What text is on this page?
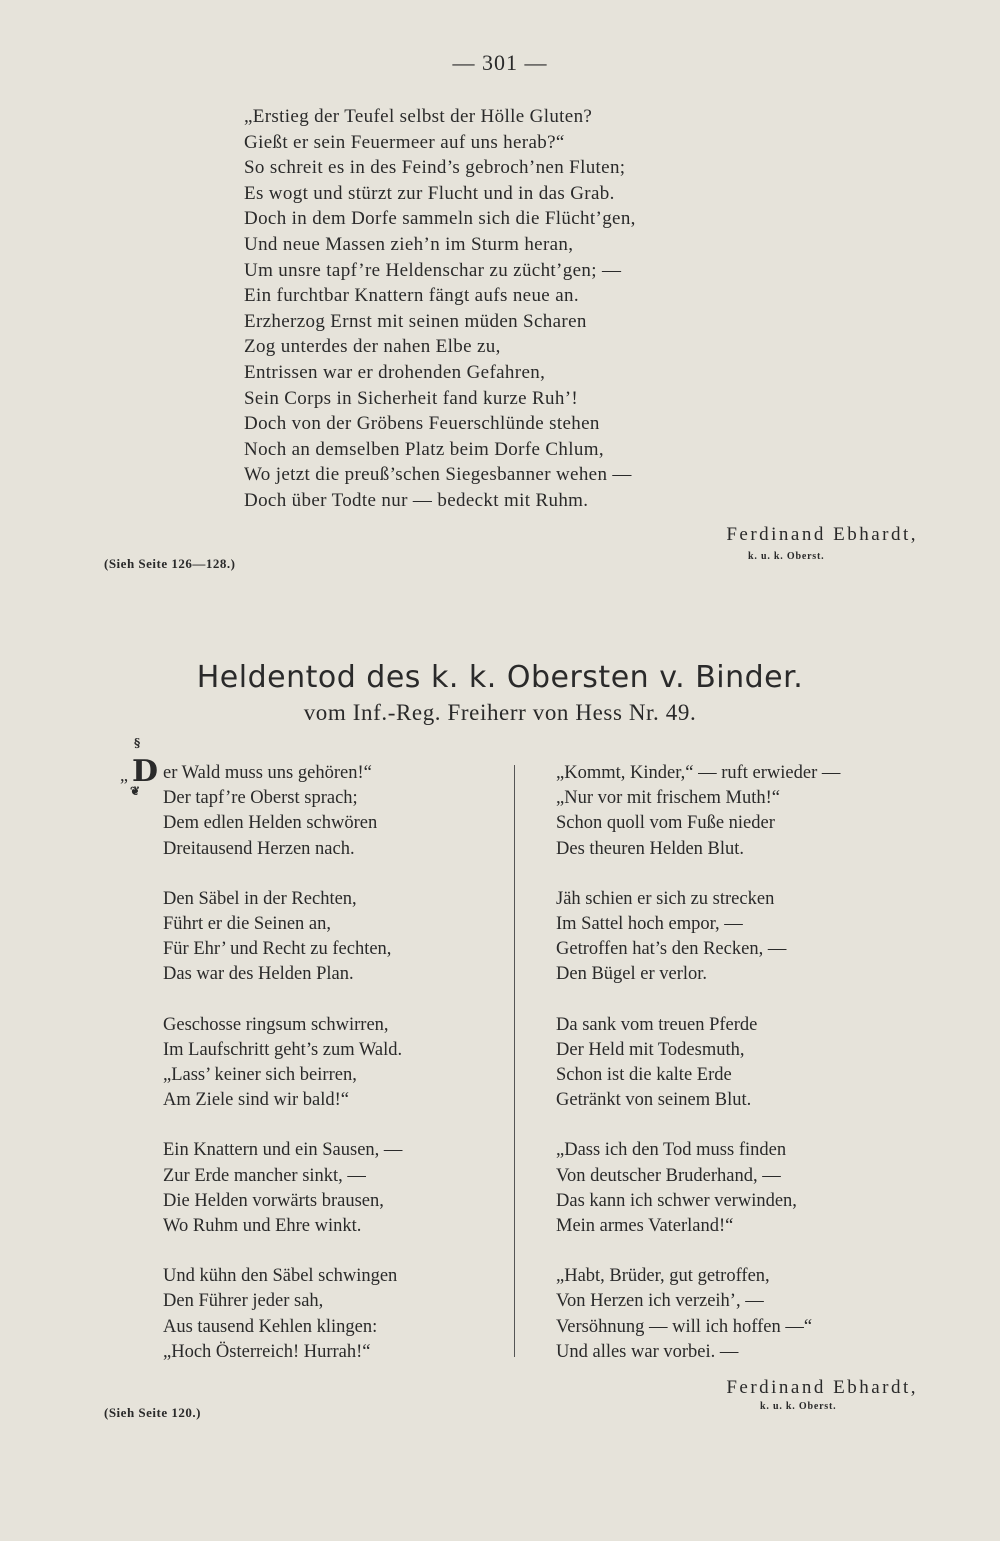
— 301 —
„Erstieg der Teufel selbst der Hölle Gluten?
Gießt er sein Feuermeer auf uns herab?“
So schreit es in des Feind’s gebroch’nen Fluten;
Es wogt und stürzt zur Flucht und in das Grab.
Doch in dem Dorfe sammeln sich die Flücht’gen,
Und neue Massen zieh’n im Sturm heran,
Um unsre tapf’re Heldenschar zu zücht’gen; —
Ein furchtbar Knattern fängt aufs neue an.
Erzherzog Ernst mit seinen müden Scharen
Zog unterdes der nahen Elbe zu,
Entrissen war er drohenden Gefahren,
Sein Corps in Sicherheit fand kurze Ruh’!
Doch von der Gröbens Feuerschlünde stehen
Noch an demselben Platz beim Dorfe Chlum,
Wo jetzt die preuß’schen Siegesbanner wehen —
Doch über Todte nur — bedeckt mit Ruhm.
Ferdinand Ebhardt,
k. u. k. Oberst.
(Sieh Seite 126—128.)
Heldentod des k. k. Obersten v. Binder.
vom Inf.-Reg. Freiherr von Hess Nr. 49.
„
§
D
❦
er Wald muss uns gehören!“
Der tapf’re Oberst sprach;
Dem edlen Helden schwören
Dreitausend Herzen nach.
Den Säbel in der Rechten,
Führt er die Seinen an,
Für Ehr’ und Recht zu fechten,
Das war des Helden Plan.
Geschosse ringsum schwirren,
Im Laufschritt geht’s zum Wald.
„Lass’ keiner sich beirren,
Am Ziele sind wir bald!“
Ein Knattern und ein Sausen, —
Zur Erde mancher sinkt, —
Die Helden vorwärts brausen,
Wo Ruhm und Ehre winkt.
Und kühn den Säbel schwingen
Den Führer jeder sah,
Aus tausend Kehlen klingen:
„Hoch Österreich! Hurrah!“
„Kommt, Kinder,“ — ruft erwieder —
„Nur vor mit frischem Muth!“
Schon quoll vom Fuße nieder
Des theuren Helden Blut.
Jäh schien er sich zu strecken
Im Sattel hoch empor, —
Getroffen hat’s den Recken, —
Den Bügel er verlor.
Da sank vom treuen Pferde
Der Held mit Todesmuth,
Schon ist die kalte Erde
Getränkt von seinem Blut.
„Dass ich den Tod muss finden
Von deutscher Bruderhand, —
Das kann ich schwer verwinden,
Mein armes Vaterland!“
„Habt, Brüder, gut getroffen,
Von Herzen ich verzeih’, —
Versöhnung — will ich hoffen —“
Und alles war vorbei. —
Ferdinand Ebhardt,
k. u. k. Oberst.
(Sieh Seite 120.)
